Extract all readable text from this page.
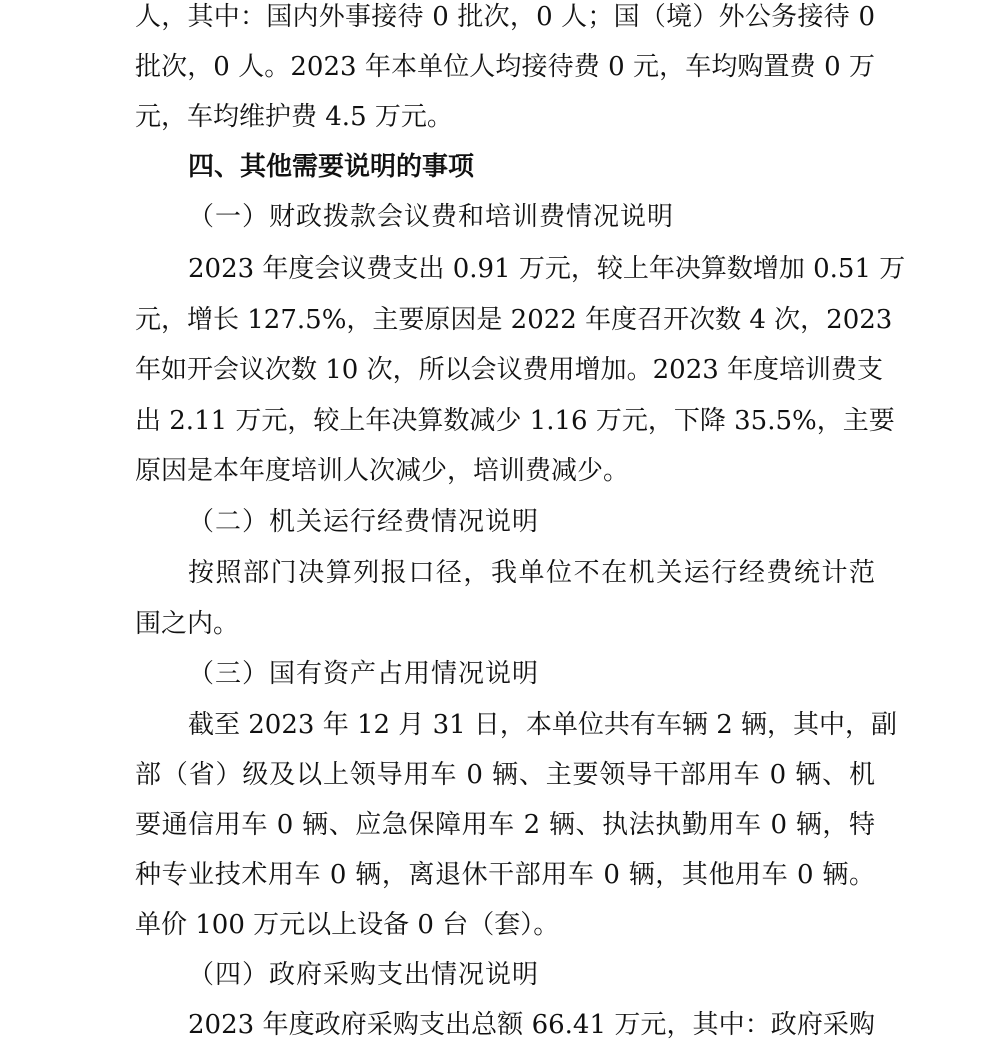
人，其中：国内外事接待 0 批次，0 人；国（境）外公务接待 0
批次，0 人。2023 年本单位人均接待费 0 元，车均购置费 0 万
元，车均维护费 4.5 万元。
四、其他需要说明的事项
（一）财政拨款会议费和培训费情况说明
2023 年度会议费支出 0.91 万元，较上年决算数增加 0.51 万
元，增长 127.5%，主要原因是 2022 年度召开次数 4 次，2023
年如开会议次数 10 次，所以会议费用增加。2023 年度培训费支
出 2.11 万元，较上年决算数减少 1.16 万元，下降 35.5%，主要
原因是本年度培训人次减少，培训费减少。
（二）机关运行经费情况说明
按照部门决算列报口径，我单位不在机关运行经费统计范
围之内。
（三）国有资产占用情况说明
截至 2023 年 12 月 31 日，本单位共有车辆 2 辆，其中，副
部（省）级及以上领导用车 0 辆、主要领导干部用车 0 辆、机
要通信用车 0 辆、应急保障用车 2 辆、执法执勤用车 0 辆，特
种专业技术用车 0 辆，离退休干部用车 0 辆，其他用车 0 辆。
单价 100 万元以上设备 0 台（套）。
（四）政府采购支出情况说明
2023 年度政府采购支出总额 66.41 万元，其中：政府采购
